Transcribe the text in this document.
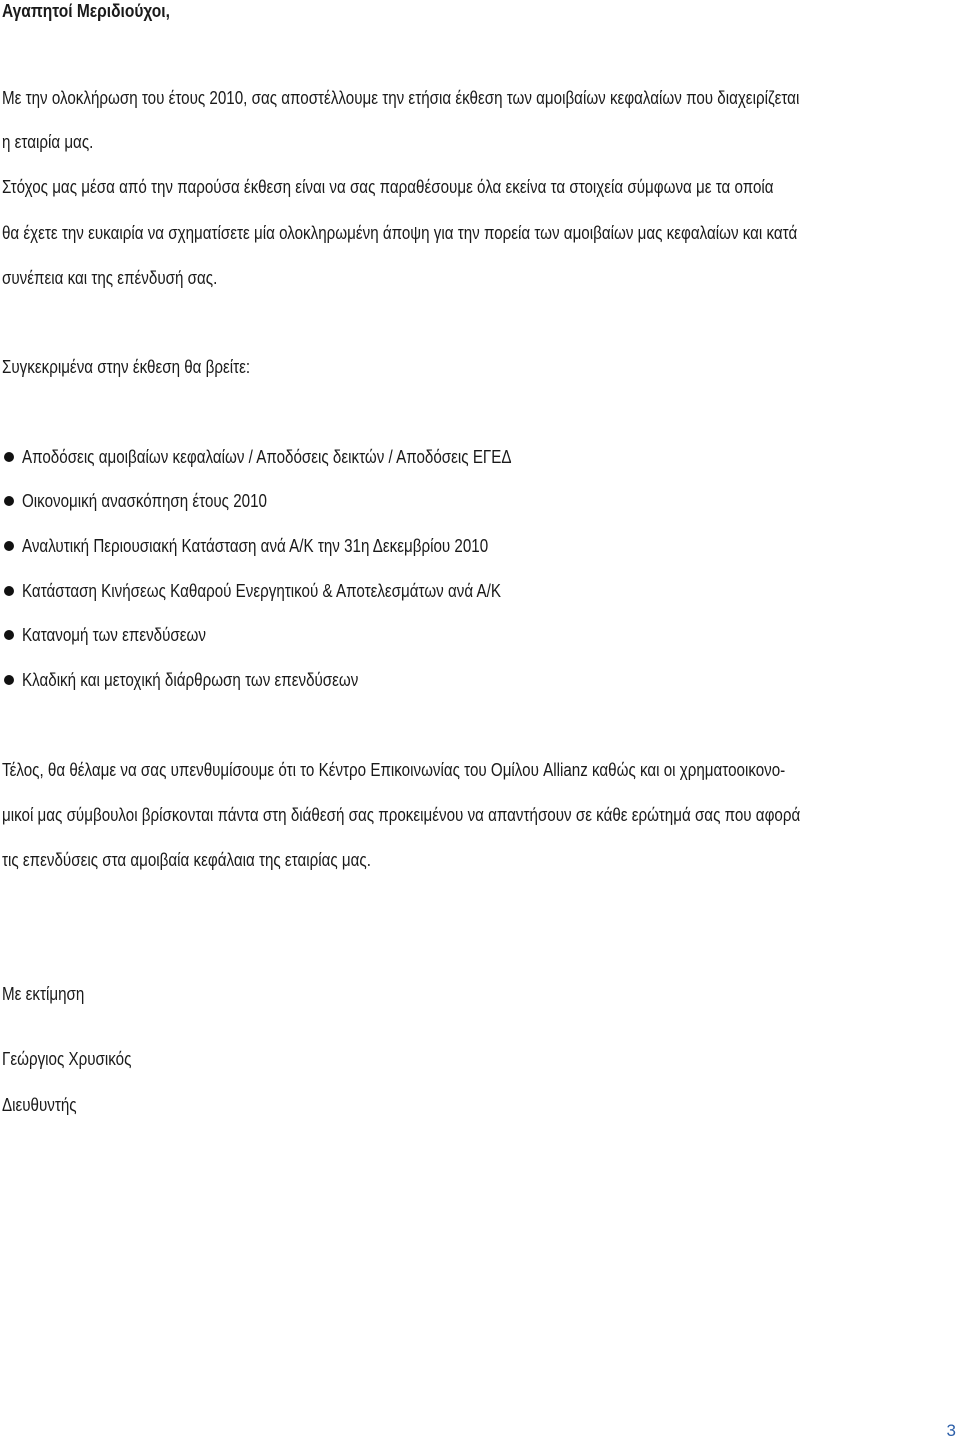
Αγαπητοί Μεριδιούχοι,

Με την ολοκλήρωση του έτους 2010, σας αποστέλλουμε την ετήσια έκθεση των αμοιβαίων κεφαλαίων που διαχειρίζεται

η εταιρία μας.

Στόχος μας μέσα από την παρούσα έκθεση είναι να σας παραθέσουμε όλα εκείνα τα στοιχεία σύμφωνα με τα οποία

θα έχετε την ευκαιρία να σχηματίσετε μία ολοκληρωμένη άποψη για την πορεία των αμοιβαίων μας κεφαλαίων και κατά

συνέπεια και της επένδυσή σας.

Συγκεκριμένα στην έκθεση θα βρείτε:

Αποδόσεις αμοιβαίων κεφαλαίων / Αποδόσεις δεικτών / Αποδόσεις ΕΓΕΔ
Οικονομική ανασκόπηση έτους 2010
Αναλυτική Περιουσιακή Κατάσταση ανά Α/Κ την 31η Δεκεμβρίου 2010
Κατάσταση Κινήσεως Καθαρού Ενεργητικού & Αποτελεσμάτων ανά Α/Κ
Κατανομή των επενδύσεων
Κλαδική και μετοχική διάρθρωση των επενδύσεων

Τέλος, θα θέλαμε να σας υπενθυμίσουμε ότι το Κέντρο Επικοινωνίας του Ομίλου Allianz καθώς και οι χρηματοοικονο-

μικοί μας σύμβουλοι βρίσκονται πάντα στη διάθεσή σας προκειμένου να απαντήσουν σε κάθε ερώτημά σας που αφορά

τις επενδύσεις στα αμοιβαία κεφάλαια της εταιρίας μας.

Με εκτίμηση

Γεώργιος Χρυσικός

Διευθυντής

3
